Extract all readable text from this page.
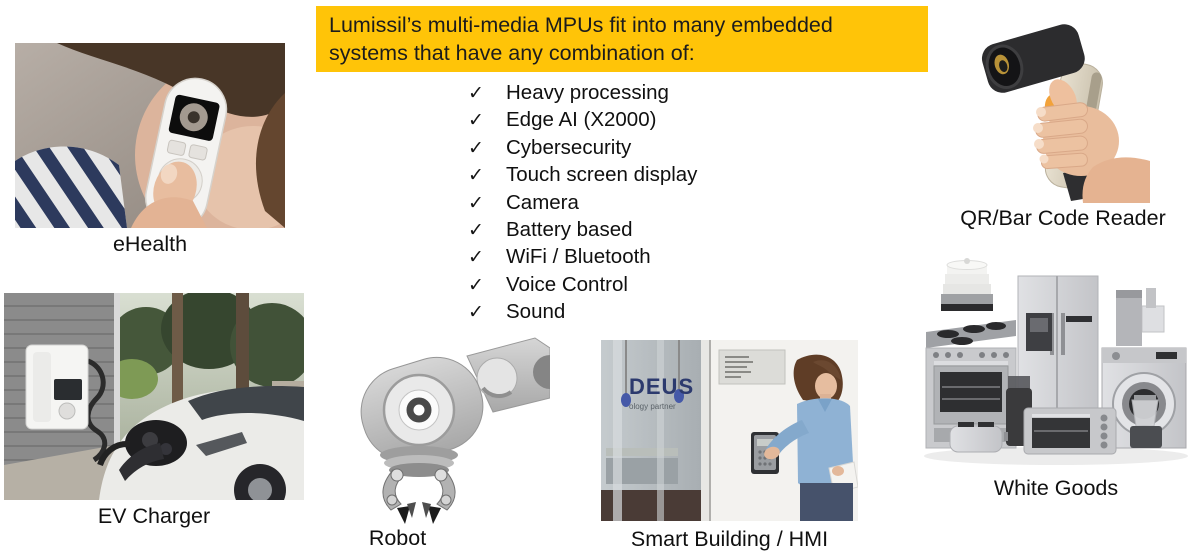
Lumissil’s multi-media MPUs fit into many embedded
systems that have any combination of:
✓	Heavy processing
✓	Edge AI (X2000)
✓	Cybersecurity
✓	Touch screen display
✓	Camera
✓	Battery based
✓	WiFi / Bluetooth
✓	Voice Control
✓	Sound
eHealth
EV Charger
Robot
DEUS
ology partner
Smart Building / HMI
QR/Bar Code Reader
White Goods
